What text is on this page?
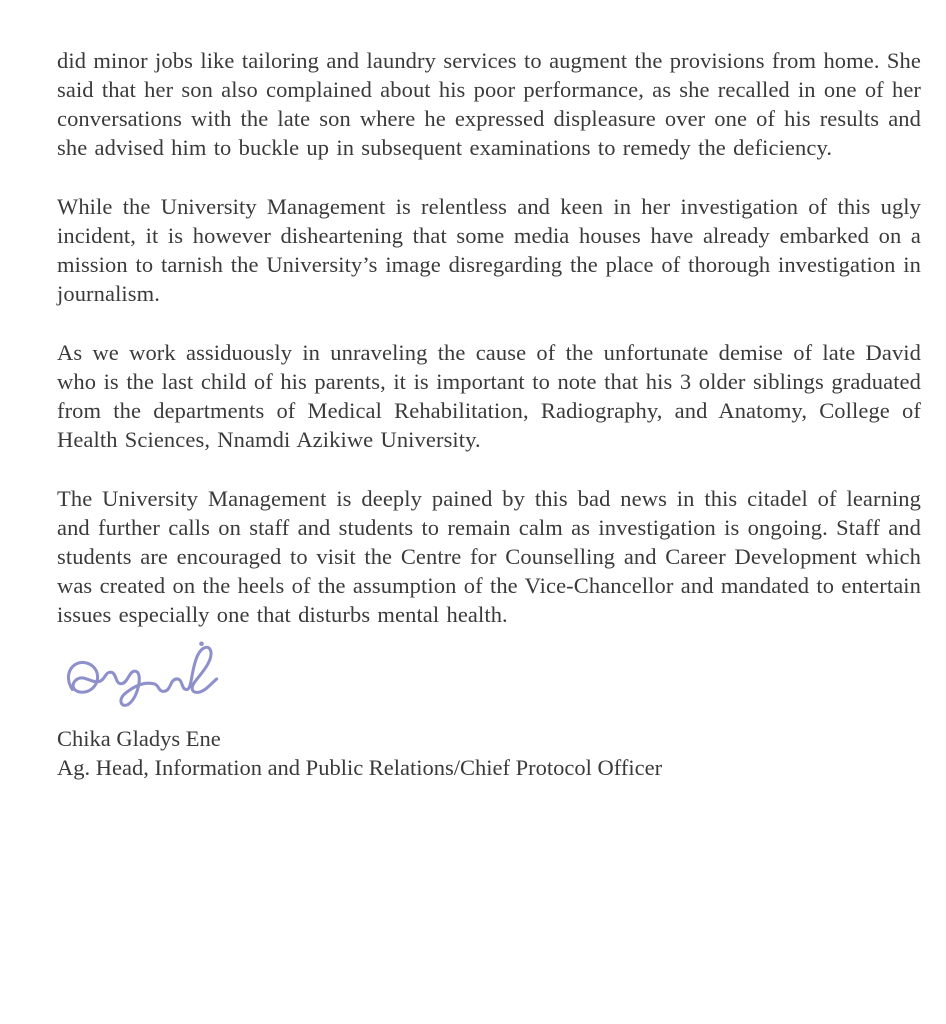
did minor jobs like tailoring and laundry services to augment the provisions from home. She said that her son also complained about his poor performance, as she recalled in one of her conversations with the late son where he expressed displeasure over one of his results and she advised him to buckle up in subsequent examinations to remedy the deficiency.

While the University Management is relentless and keen in her investigation of this ugly incident, it is however disheartening that some media houses have already embarked on a mission to tarnish the University’s image disregarding the place of thorough investigation in journalism.

As we work assiduously in unraveling the cause of the unfortunate demise of late David who is the last child of his parents, it is important to note that his 3 older siblings graduated from the departments of Medical Rehabilitation, Radiography, and Anatomy, College of Health Sciences, Nnamdi Azikiwe University.

The University Management is deeply pained by this bad news in this citadel of learning and further calls on staff and students to remain calm as investigation is ongoing. Staff and students are encouraged to visit the Centre for Counselling and Career Development which was created on the heels of the assumption of the Vice-Chancellor and mandated to entertain issues especially one that disturbs mental health.

Chika Gladys Ene
Ag. Head, Information and Public Relations/Chief Protocol Officer
